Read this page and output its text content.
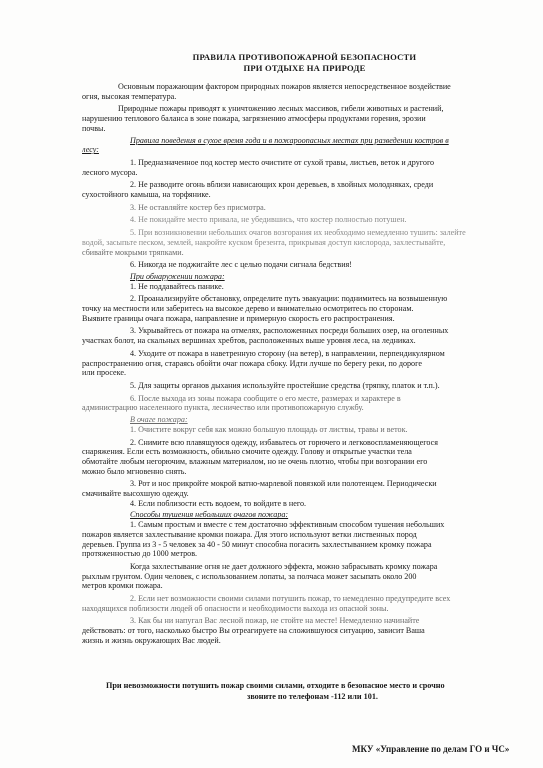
ПРАВИЛА ПРОТИВОПОЖАРНОЙ БЕЗОПАСНОСТИ
ПРИ ОТДЫХЕ НА ПРИРОДЕ

Основным поражающим фактором природных пожаров является непосредственное воздействие

огня, высокая температура.

Природные пожары приводят к уничтожению лесных массивов, гибели животных и растений,

нарушению теплового баланса в зоне пожара, загрязнению атмосферы продуктами горения, эрозии

почвы.

Правила поведения в сухое время года и в пожароопасных местах при разведении костров в

лесу:

1. Предназначенное под костер место очистите от сухой травы, листьев, веток и другого

лесного мусора.

2. Не разводите огонь вблизи нависающих крон деревьев, в хвойных молодняках, среди

сухостойного камыша, на торфянике.

3. Не оставляйте костер без присмотра.

4. Не покидайте место привала, не убедившись, что костер полностью потушен.

5. При возникновении небольших очагов возгорания их необходимо немедленно тушить: залейте

водой, засыпьте песком, землей, накройте куском брезента, прикрывая доступ кислорода, захлестывайте,

сбивайте мокрыми тряпками.

6. Никогда не поджигайте лес с целью подачи сигнала бедствия!

При обнаружении пожара:

1. Не поддавайтесь панике.

2. Проанализируйте обстановку, определите путь эвакуации: поднимитесь на возвышенную

точку на местности или заберитесь на высокое дерево и внимательно осмотритесь по сторонам.

Выявите границы очага пожара, направление и примерную скорость его распространения.

3. Укрывайтесь от пожара на отмелях, расположенных посреди больших озер, на оголенных

участках болот, на скальных вершинах хребтов, расположенных выше уровня леса, на ледниках.

4. Уходите от пожара в наветренную сторону (на ветер), в направлении, перпендикулярном

распространению огня, стараясь обойти очаг пожара сбоку. Идти лучше по берегу реки, по дороге

или просеке.

5. Для защиты органов дыхания используйте простейшие средства (тряпку, платок и т.п.).

6. После выхода из зоны пожара сообщите о его месте, размерах и характере в

администрацию населенного пункта, лесничество или противопожарную службу.

В очаге пожара:

1. Очистите вокруг себя как можно большую площадь от листвы, травы и веток.

2. Снимите всю плавящуюся одежду, избавьтесь от горючего и легковоспламеняющегося

снаряжения. Если есть возможность, обильно смочите одежду. Голову и открытые участки тела

обмотайте любым негорючим, влажным материалом, но не очень плотно, чтобы при возгорании его

можно было мгновенно снять.

3. Рот и нос прикройте мокрой ватно-марлевой повязкой или полотенцем. Периодически

смачивайте высохшую одежду.

4. Если поблизости есть водоем, то войдите в него.

Способы тушения небольших очагов пожара:

1. Самым простым и вместе с тем достаточно эффективным способом тушения небольших

пожаров является захлестывание кромки пожара. Для этого используют ветки лиственных пород

деревьев. Группа из 3 - 5 человек за 40 - 50 минут способна погасить захлестыванием кромку пожара

протяженностью до 1000 метров.

Когда захлестывание огня не дает должного эффекта, можно забрасывать кромку пожара

рыхлым грунтом. Один человек, с использованием лопаты, за полчаса может засыпать около 200

метров кромки пожара.

2. Если нет возможности своими силами потушить пожар, то немедленно предупредите всех

находящихся поблизости людей об опасности и необходимости выхода из опасной зоны.

3. Как бы ни напугал Вас лесной пожар, не стойте на месте! Немедленно начинайте

действовать: от того, насколько быстро Вы отреагируете на сложившуюся ситуацию, зависит Ваша

жизнь и жизнь окружающих Вас людей.

При невозможности потушить пожар своими силами, отходите в безопасное место и срочно

звоните по телефонам -112 или 101.

МКУ «Управление по делам ГО и ЧС»
